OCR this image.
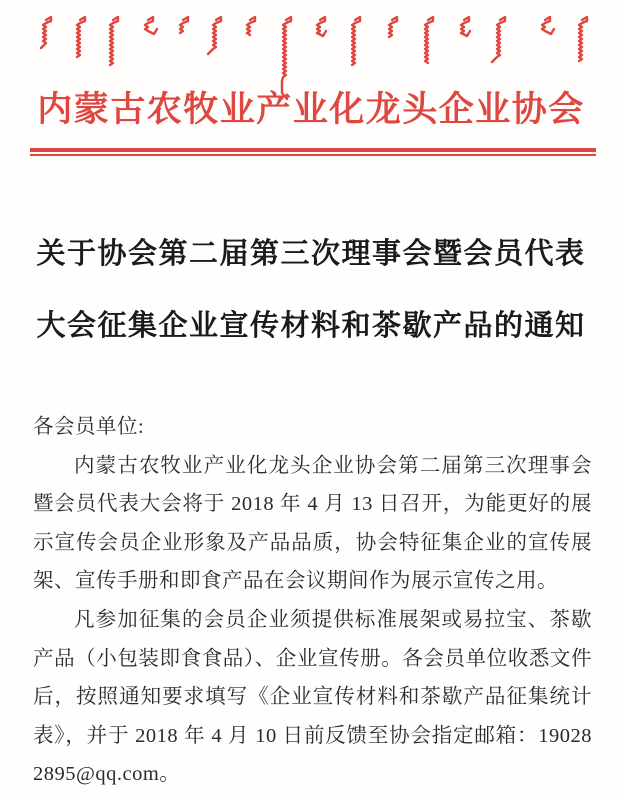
内蒙古农牧业产业化龙头企业协会
关于协会第二届第三次理事会暨会员代表
大会征集企业宣传材料和茶歇产品的通知

各会员单位:

内蒙古农牧业产业化龙头企业协会第二届第三次理事会暨会员代表大会将于 2018 年 4 月 13 日召开，为能更好的展示宣传会员企业形象及产品品质，协会特征集企业的宣传展架、宣传手册和即食产品在会议期间作为展示宣传之用。

凡参加征集的会员企业须提供标准展架或易拉宝、茶歇产品（小包装即食食品）、企业宣传册。各会员单位收悉文件后，按照通知要求填写《企业宣传材料和茶歇产品征集统计表》，并于 2018 年 4 月 10 日前反馈至协会指定邮箱：190282895@qq.com。
